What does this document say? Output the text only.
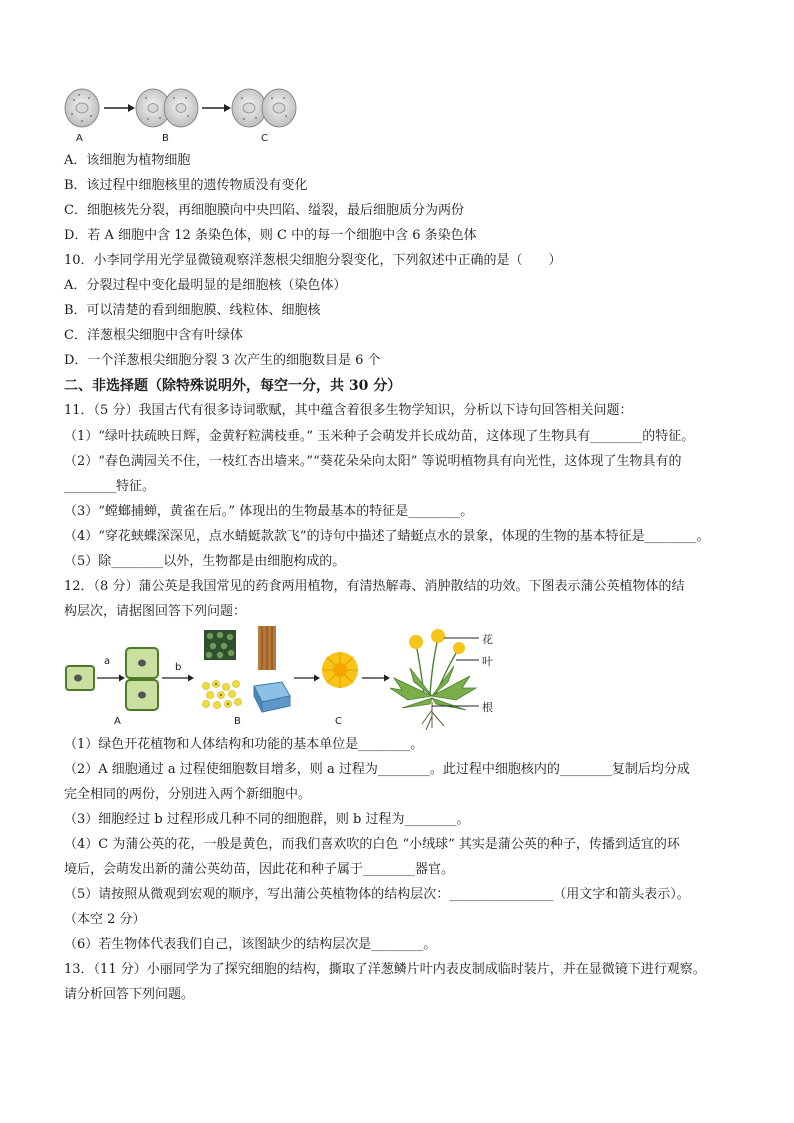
A	B	C
A．该细胞为植物细胞
B．该过程中细胞核里的遗传物质没有变化
C．细胞核先分裂，再细胞膜向中央凹陷、缢裂，最后细胞质分为两份
D．若 A 细胞中含 12 条染色体，则 C 中的每一个细胞中含 6 条染色体
10．小李同学用光学显微镜观察洋葱根尖细胞分裂变化，下列叙述中正确的是（　　）
A．分裂过程中变化最明显的是细胞核（染色体）
B．可以清楚的看到细胞膜、线粒体、细胞核
C．洋葱根尖细胞中含有叶绿体
D．一个洋葱根尖细胞分裂 3 次产生的细胞数目是 6 个
二、非选择题（除特殊说明外，每空一分，共 30 分）
11．（5 分）我国古代有很多诗词歌赋，其中蕴含着很多生物学知识，分析以下诗句回答相关问题：
（1）“绿叶扶疏映日辉，金黄籽粒满枝垂。” 玉米种子会萌发并长成幼苗，这体现了生物具有________的特征。
（2）“春色满园关不住，一枝红杏出墙来。”“葵花朵朵向太阳” 等说明植物具有向光性，这体现了生物具有的
________特征。
（3）“螳螂捕蝉，黄雀在后。” 体现出的生物最基本的特征是________。
（4）“穿花蛱蝶深深见，点水蜻蜓款款飞”的诗句中描述了蜻蜓点水的景象，体现的生物的基本特征是________。
（5）除________以外，生物都是由细胞构成的。
12．（8 分）蒲公英是我国常见的药食两用植物，有清热解毒、消肿散结的功效。下图表示蒲公英植物体的结
构层次，请据图回答下列问题：
a
b
A	B	C
花
叶
根
（1）绿色开花植物和人体结构和功能的基本单位是________。
（2）A 细胞通过 a 过程使细胞数目增多，则 a 过程为________。此过程中细胞核内的________复制后均分成
完全相同的两份，分别进入两个新细胞中。
（3）细胞经过 b 过程形成几种不同的细胞群，则 b 过程为________。
（4）C 为蒲公英的花，一般是黄色，而我们喜欢吹的白色 “小绒球” 其实是蒲公英的种子，传播到适宜的环
境后，会萌发出新的蒲公英幼苗，因此花和种子属于________器官。
（5）请按照从微观到宏观的顺序，写出蒲公英植物体的结构层次：________________（用文字和箭头表示）。
（本空 2 分）
（6）若生物体代表我们自己，该图缺少的结构层次是________。
13．（11 分）小丽同学为了探究细胞的结构，撕取了洋葱鳞片叶内表皮制成临时装片，并在显微镜下进行观察。
请分析回答下列问题。
